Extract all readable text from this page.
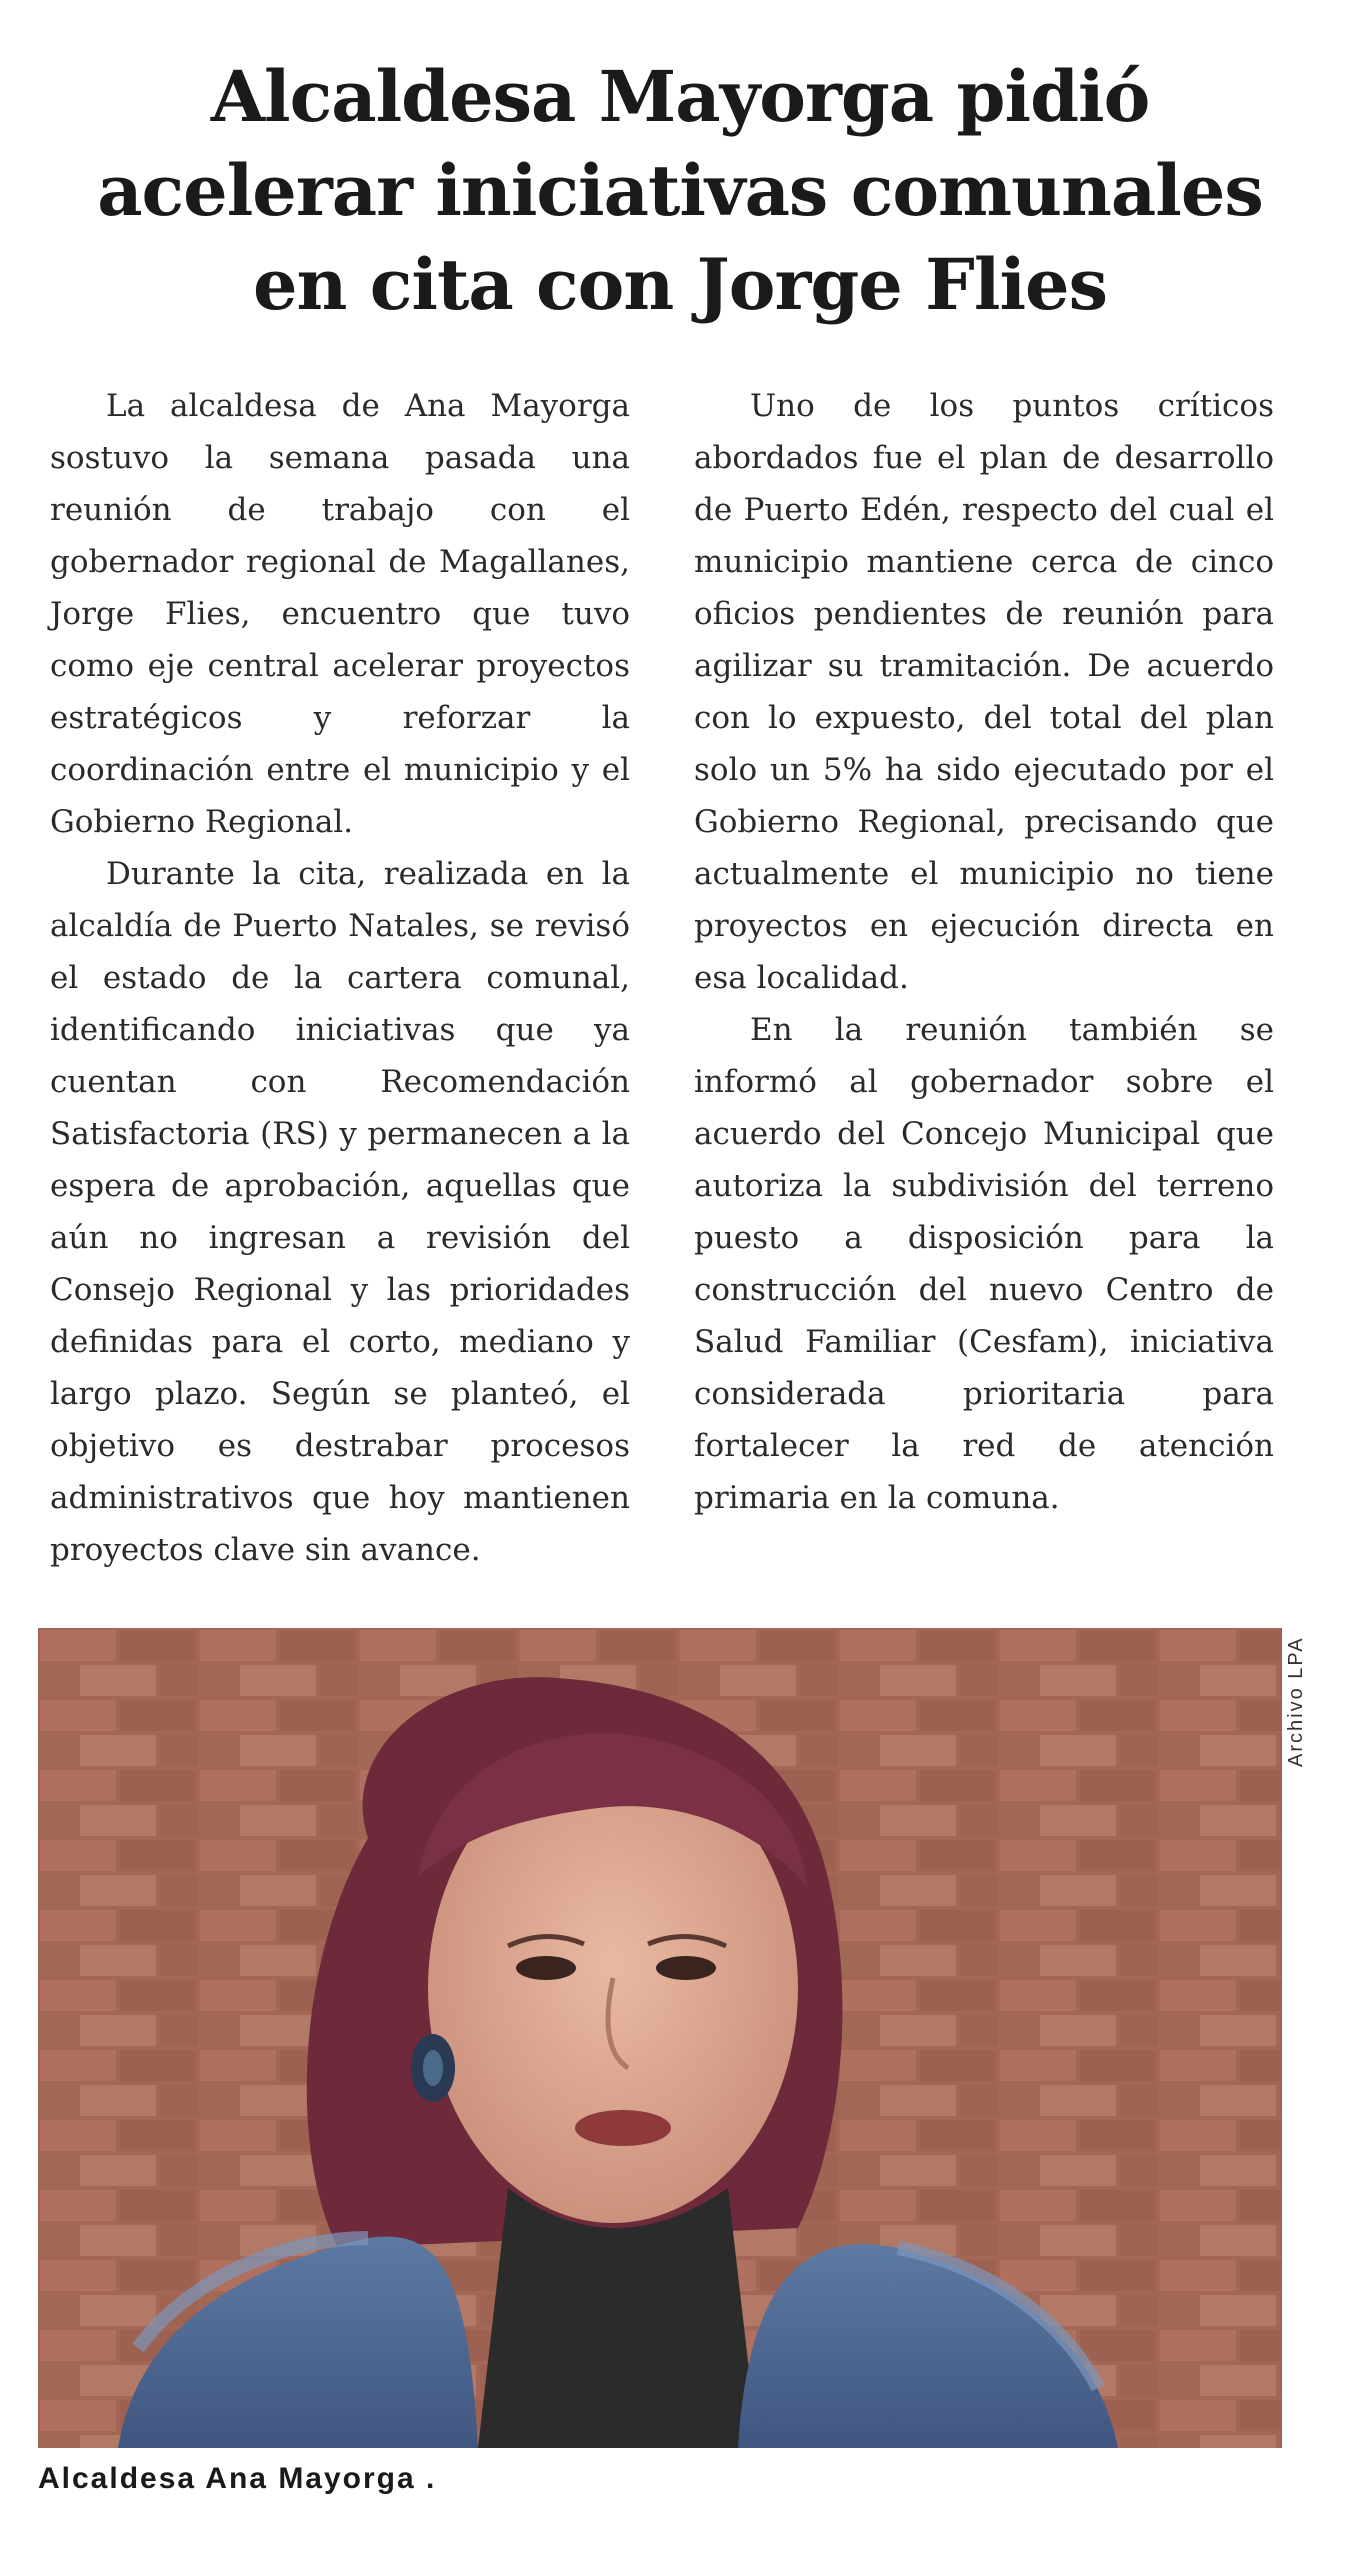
Alcaldesa Mayorga pidió
acelerar iniciativas comunales
en cita con Jorge Flies

La alcaldesa de Ana Mayorga sostuvo la semana pasada una reunión de trabajo con el gobernador regional de Magallanes, Jorge Flies, encuentro que tuvo como eje central acelerar proyectos estratégicos y reforzar la coordinación entre el municipio y el Gobierno Regional.

Durante la cita, realizada en la alcaldía de Puerto Natales, se revisó el estado de la cartera comunal, identificando iniciativas que ya cuentan con Recomendación Satisfactoria (RS) y permanecen a la espera de aprobación, aquellas que aún no ingresan a revisión del Consejo Regional y las prioridades definidas para el corto, mediano y largo plazo. Según se planteó, el objetivo es destrabar procesos administrativos que hoy mantienen proyectos clave sin avance.

Uno de los puntos críticos abordados fue el plan de desarrollo de Puerto Edén, respecto del cual el municipio mantiene cerca de cinco oficios pendientes de reunión para agilizar su tramitación. De acuerdo con lo expuesto, del total del plan solo un 5% ha sido ejecutado por el Gobierno Regional, precisando que actualmente el municipio no tiene proyectos en ejecución directa en esa localidad.

En la reunión también se informó al gobernador sobre el acuerdo del Concejo Municipal que autoriza la subdivisión del terreno puesto a disposición para la construcción del nuevo Centro de Salud Familiar (Cesfam), iniciativa considerada prioritaria para fortalecer la red de atención primaria en la comuna.

Archivo LPA
Alcaldesa Ana Mayorga .
